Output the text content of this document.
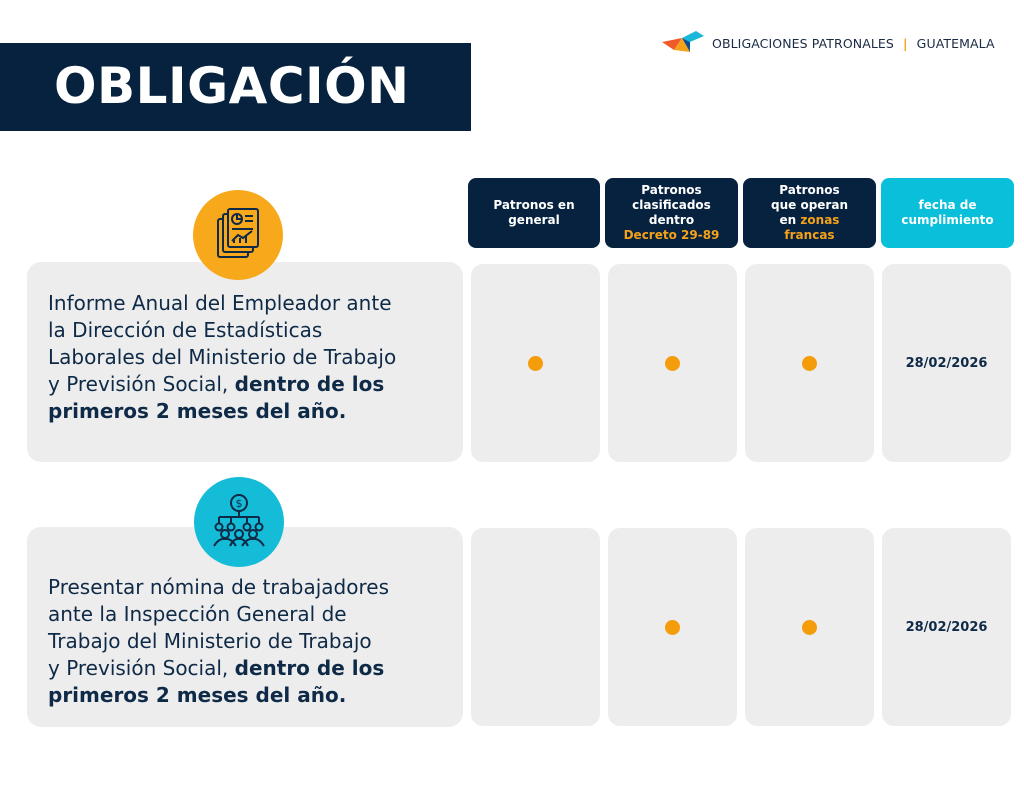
OBLIGACIONES PATRONALES | GUATEMALA
OBLIGACIÓN
Patronos en
general
Patronos
clasificados
dentro
Decreto 29-89
Patronos
que operan
en zonas
francas
fecha de
cumplimiento
Informe Anual del Empleador ante
la Dirección de Estadísticas
Laborales del Ministerio de Trabajo
y Previsión Social, dentro de los
primeros 2 meses del año.
28/02/2026
$
Presentar nómina de trabajadores
ante la Inspección General de
Trabajo del Ministerio de Trabajo
y Previsión Social, dentro de los
primeros 2 meses del año.
28/02/2026
